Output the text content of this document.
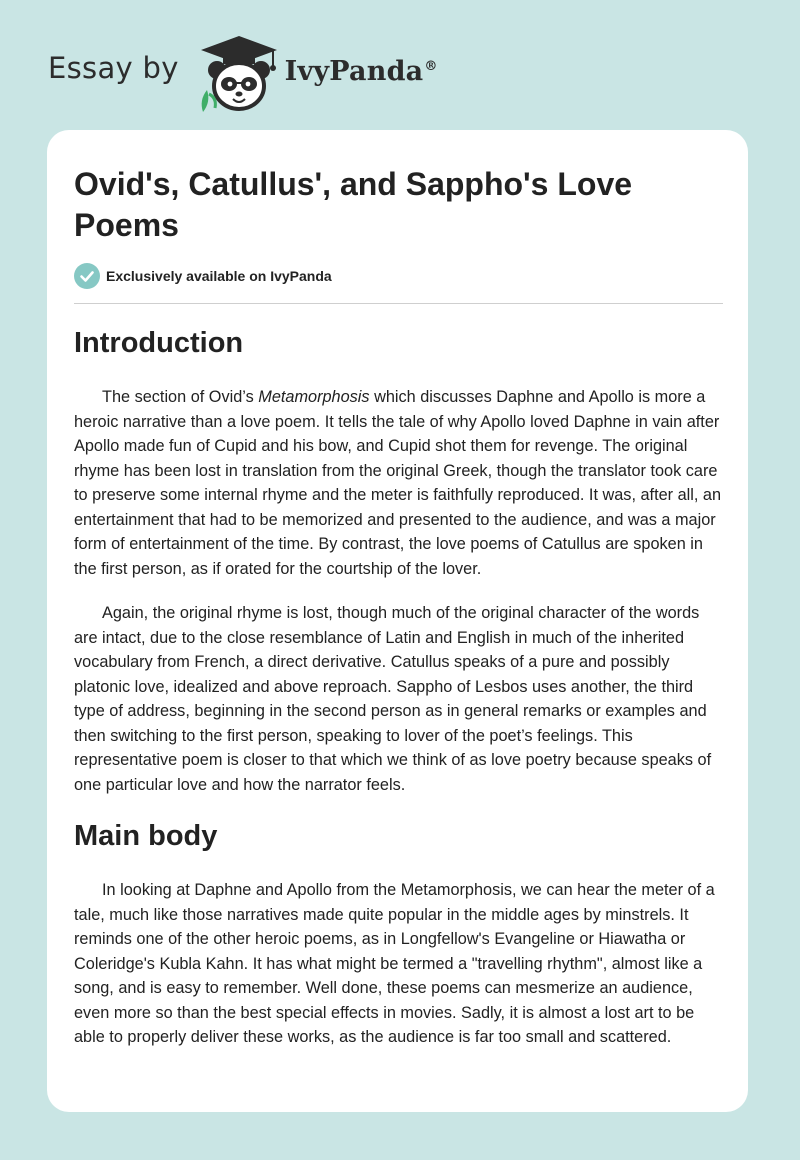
Essay by	IvyPanda®
Ovid's, Catullus', and Sappho's Love Poems
Exclusively available on IvyPanda
Introduction

The section of Ovid’s Metamorphosis which discusses Daphne and Apollo is more a heroic narrative than a love poem. It tells the tale of why Apollo loved Daphne in vain after Apollo made fun of Cupid and his bow, and Cupid shot them for revenge. The original rhyme has been lost in translation from the original Greek, though the translator took care to preserve some internal rhyme and the meter is faithfully reproduced. It was, after all, an entertainment that had to be memorized and presented to the audience, and was a major form of entertainment of the time. By contrast, the love poems of Catullus are spoken in the first person, as if orated for the courtship of the lover.

Again, the original rhyme is lost, though much of the original character of the words are intact, due to the close resemblance of Latin and English in much of the inherited vocabulary from French, a direct derivative. Catullus speaks of a pure and possibly platonic love, idealized and above reproach. Sappho of Lesbos uses another, the third type of address, beginning in the second person as in general remarks or examples and then switching to the first person, speaking to lover of the poet’s feelings. This representative poem is closer to that which we think of as love poetry because speaks of one particular love and how the narrator feels.

Main body

In looking at Daphne and Apollo from the Metamorphosis, we can hear the meter of a tale, much like those narratives made quite popular in the middle ages by minstrels. It reminds one of the other heroic poems, as in Longfellow's Evangeline or Hiawatha or Coleridge's Kubla Kahn. It has what might be termed a "travelling rhythm", almost like a song, and is easy to remember. Well done, these poems can mesmerize an audience, even more so than the best special effects in movies. Sadly, it is almost a lost art to be able to properly deliver these works, as the audience is far too small and scattered.
